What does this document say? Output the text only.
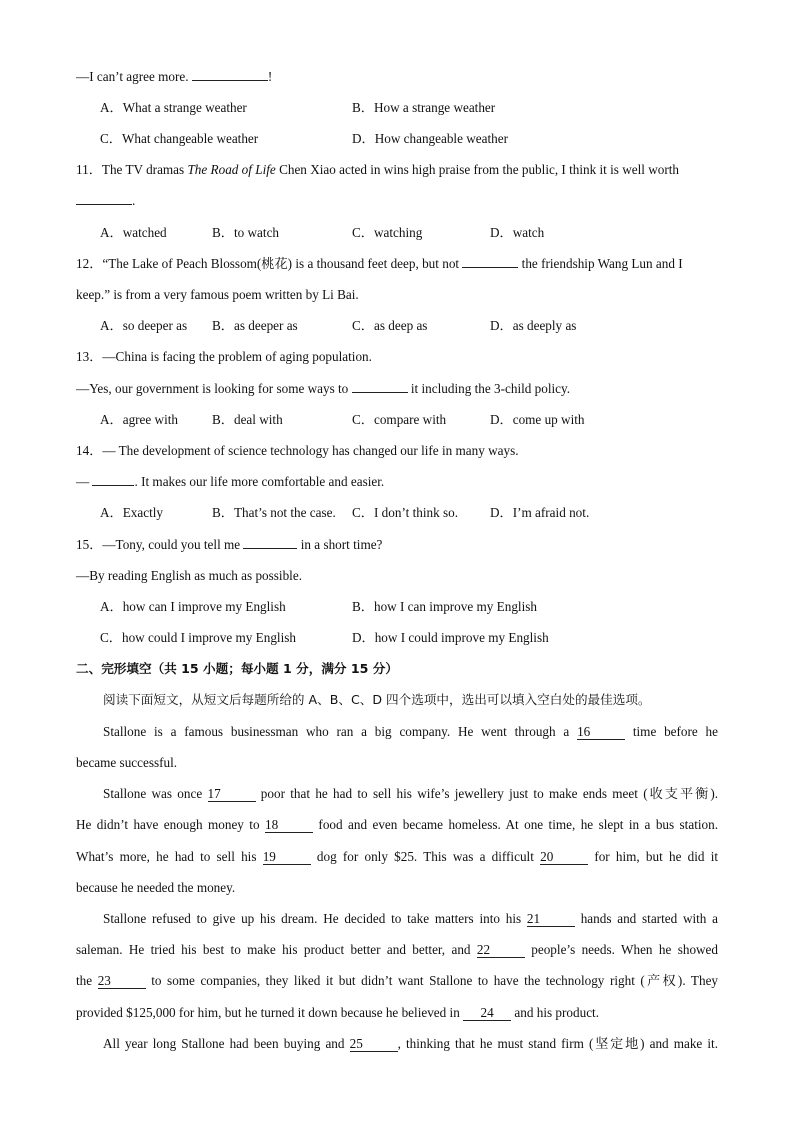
—I can’t agree more.	!
A．What a strange weather	B．How a strange weather
C．What changeable weather	D．How changeable weather
11．The TV dramas The Road of Life Chen Xiao acted in wins high praise from the public, I think it is well worth
.
A．watched	B．to watch	C．watching	D．watch
12．“The Lake of Peach Blossom(桃花) is a thousand feet deep, but not	the friendship Wang Lun and I
keep.” is from a very famous poem written by Li Bai.
A．so deeper as B．as deeper as	C．as deep as	D．as deeply as
13．—China is facing the problem of aging population.
—Yes, our government is looking for some ways to	it including the 3-child policy.
A．agree with	B．deal with	C．compare with	D．come up with
14．— The development of science technology has changed our life in many ways.
—	. It makes our life more comfortable and easier.
A．Exactly	B．That’s not the case. C．I don’t think so. D．I’m afraid not.
15．—Tony, could you tell me	in a short time?
—By reading English as much as possible.
A．how can I improve my English	B．how I can improve my English
C．how could I improve my English	D．how I could improve my English
二、完形填空（共 15 小题；每小题 1 分，满分 15 分）
阅读下面短文，从短文后每题所给的 A、B、C、D 四个选项中，选出可以填入空白处的最佳选项。
Stallone is a famous businessman who ran a big company. He went through a 16	time before he
became successful.
Stallone was once 17	poor that he had to sell his wife’s jewellery just to make ends meet (收支平衡).
He didn’t have enough money to 18	food and even became homeless. At one time, he slept in a bus station.
What’s more, he had to sell his 19	dog for only $25. This was a difficult 20	for him, but he did it
because he needed the money.
Stallone refused to give up his dream. He decided to take matters into his 21	hands and started with a
saleman. He tried his best to make his product better and better, and 22	people’s needs. When he showed
the 23	to some companies, they liked it but didn’t want Stallone to have the technology right (产权). They
provided $125,000 for him, but he turned it down because he believed in 24 and his product.
All year long Stallone had been buying and 25	, thinking that he must stand firm (坚定地) and make it.
